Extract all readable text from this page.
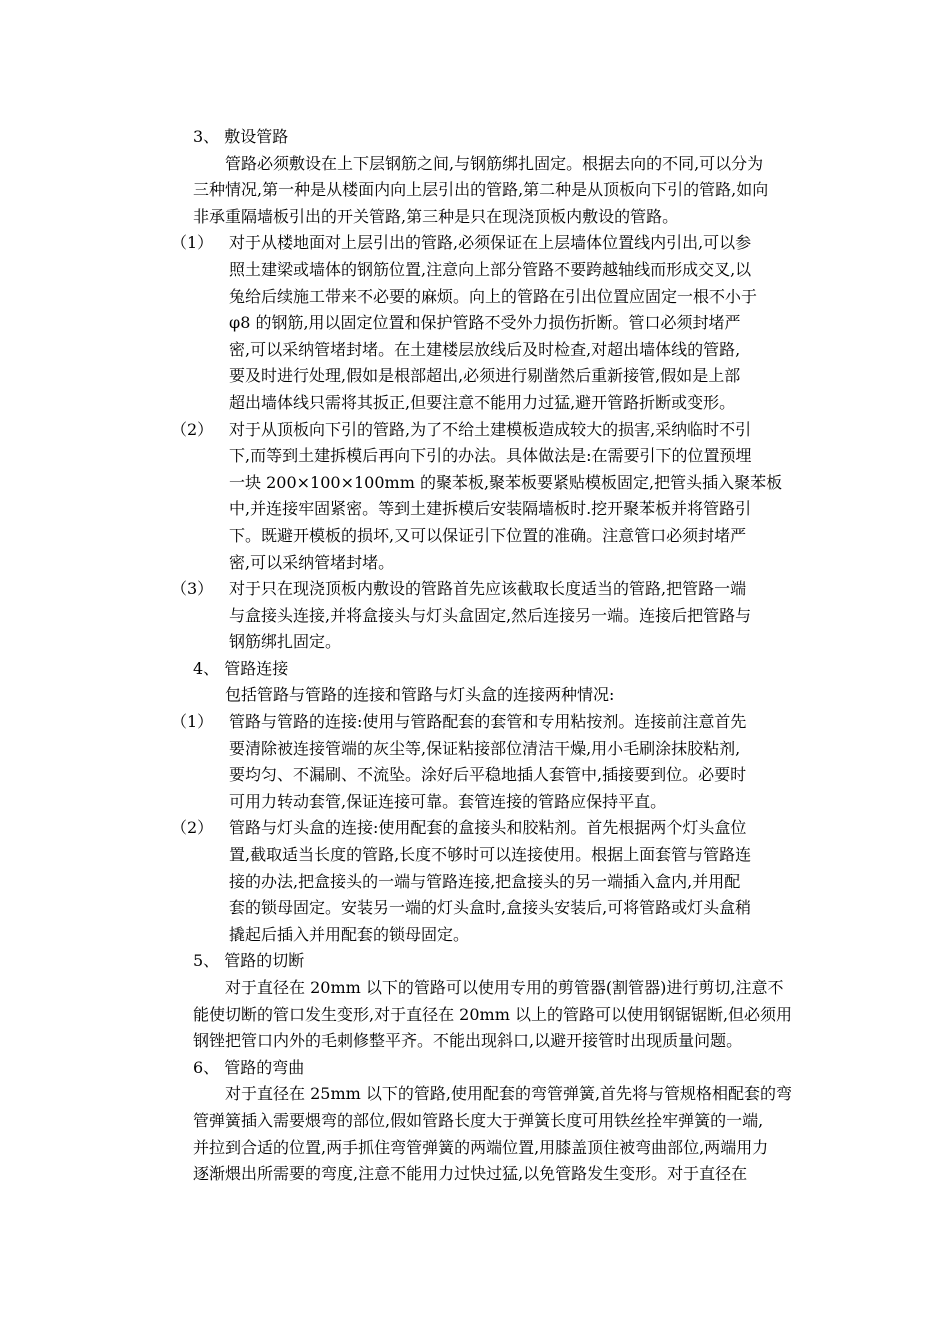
3、 敷设管路
管路必须敷设在上下层钢筋之间,与钢筋绑扎固定。根据去向的不同,可以分为
三种情况,第一种是从楼面内向上层引出的管路,第二种是从顶板向下引的管路,如向
非承重隔墙板引出的开关管路,第三种是只在现浇顶板内敷设的管路。
（1） 对于从楼地面对上层引出的管路,必须保证在上层墙体位置线内引出,可以参
照土建梁或墙体的钢筋位置,注意向上部分管路不要跨越轴线而形成交叉,以
兔给后续施工带来不必要的麻烦。向上的管路在引出位置应固定一根不小于
φ8 的钢筋,用以固定位置和保护管路不受外力损伤折断。管口必须封堵严
密,可以采纳管堵封堵。在土建楼层放线后及时检查,对超出墙体线的管路,
要及时进行处理,假如是根部超出,必须进行剔凿然后重新接管,假如是上部
超出墙体线只需将其扳正,但要注意不能用力过猛,避开管路折断或变形。
（2） 对于从顶板向下引的管路,为了不给土建模板造成较大的损害,采纳临时不引
下,而等到土建拆模后再向下引的办法。具体做法是:在需要引下的位置预埋
一块 200×100×100mm 的聚苯板,聚苯板要紧贴模板固定,把管头插入聚苯板
中,并连接牢固紧密。等到土建拆模后安装隔墙板时.挖开聚苯板并将管路引
下。既避开模板的损坏,又可以保证引下位置的准确。注意管口必须封堵严
密,可以采纳管堵封堵。
（3） 对于只在现浇顶板内敷设的管路首先应该截取长度适当的管路,把管路一端
与盒接头连接,并将盒接头与灯头盒固定,然后连接另一端。连接后把管路与
钢筋绑扎固定。
4、 管路连接
包括管路与管路的连接和管路与灯头盒的连接两种情况:
（1） 管路与管路的连接:使用与管路配套的套管和专用粘按剂。连接前注意首先
要清除被连接管端的灰尘等,保证粘接部位清洁干燥,用小毛刷涂抹胶粘剂,
要均匀、不漏刷、不流坠。涂好后平稳地插人套管中,插接要到位。必要时
可用力转动套管,保证连接可靠。套管连接的管路应保持平直。
（2） 管路与灯头盒的连接:使用配套的盒接头和胶粘剂。首先根据两个灯头盒位
置,截取适当长度的管路,长度不够时可以连接使用。根据上面套管与管路连
接的办法,把盒接头的一端与管路连接,把盒接头的另一端插入盒内,并用配
套的锁母固定。安装另一端的灯头盒时,盒接头安装后,可将管路或灯头盒稍
撬起后插入并用配套的锁母固定。
5、 管路的切断
对于直径在 20mm 以下的管路可以使用专用的剪管器(割管器)进行剪切,注意不
能使切断的管口发生变形,对于直径在 20mm 以上的管路可以使用钢锯锯断,但必须用
钢锉把管口内外的毛刺修整平齐。不能出现斜口,以避开接管时出现质量问题。
6、 管路的弯曲
对于直径在 25mm 以下的管路,使用配套的弯管弹簧,首先将与管规格相配套的弯
管弹簧插入需要煨弯的部位,假如管路长度大于弹簧长度可用铁丝拴牢弹簧的一端,
并拉到合适的位置,两手抓住弯管弹簧的两端位置,用膝盖顶住被弯曲部位,两端用力
逐渐煨出所需要的弯度,注意不能用力过快过猛,以免管路发生变形。对于直径在
